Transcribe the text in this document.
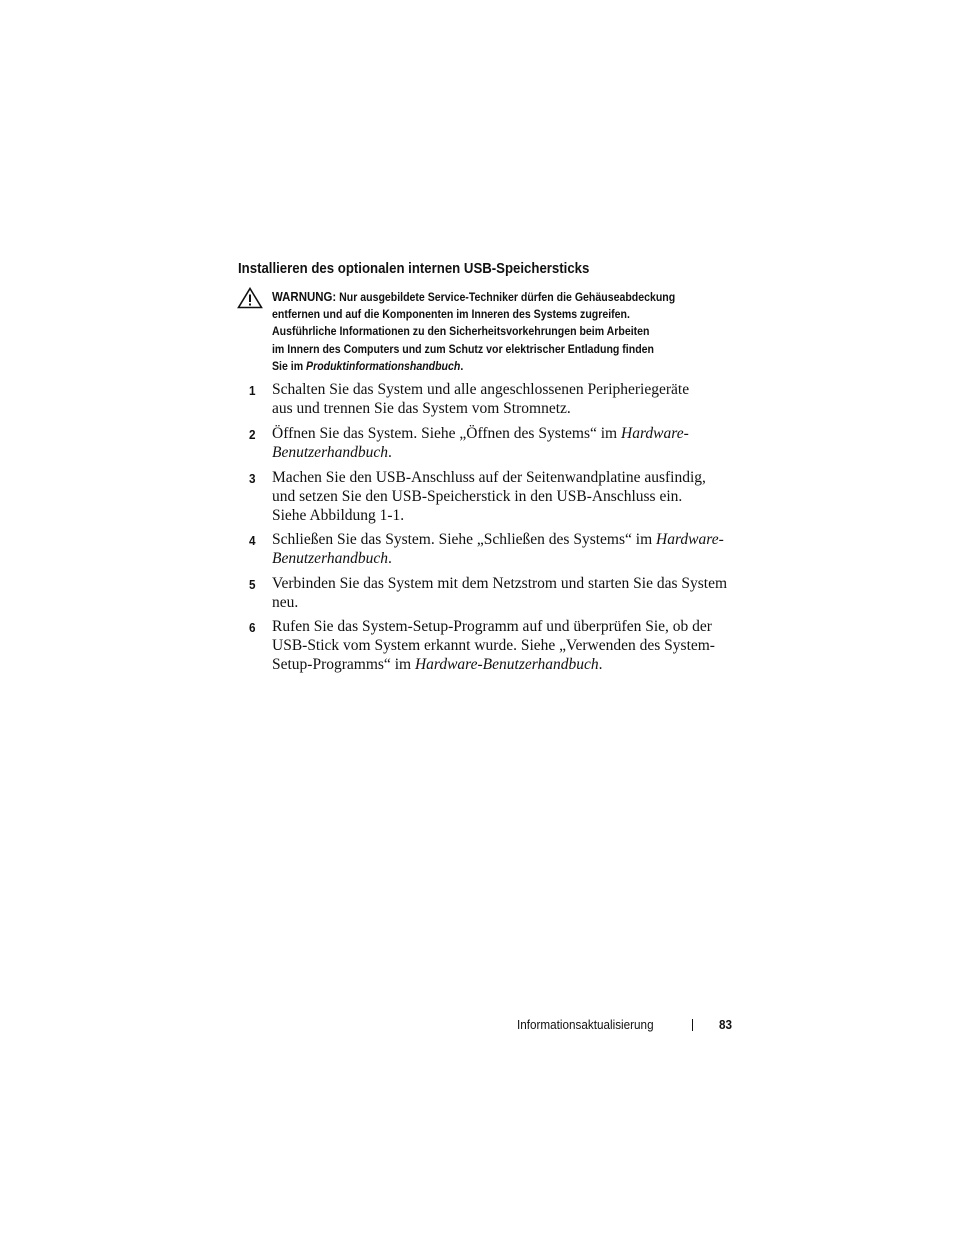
Installieren des optionalen internen USB-Speichersticks
WARNUNG: Nur ausgebildete Service-Techniker dürfen die Gehäuseabdeckung
entfernen und auf die Komponenten im Inneren des Systems zugreifen.
Ausführliche Informationen zu den Sicherheitsvorkehrungen beim Arbeiten
im Innern des Computers und zum Schutz vor elektrischer Entladung finden
Sie im Produktinformationshandbuch.
1 Schalten Sie das System und alle angeschlossenen Peripheriegeräte
aus und trennen Sie das System vom Stromnetz.
2 Öffnen Sie das System. Siehe „Öffnen des Systems“ im Hardware-
Benutzerhandbuch.
3 Machen Sie den USB-Anschluss auf der Seitenwandplatine ausfindig,
und setzen Sie den USB-Speicherstick in den USB-Anschluss ein.
Siehe Abbildung 1-1.
4 Schließen Sie das System. Siehe „Schließen des Systems“ im Hardware-
Benutzerhandbuch.
5 Verbinden Sie das System mit dem Netzstrom und starten Sie das System
neu.
6 Rufen Sie das System-Setup-Programm auf und überprüfen Sie, ob der
USB-Stick vom System erkannt wurde. Siehe „Verwenden des System-
Setup-Programms“ im Hardware-Benutzerhandbuch.
Informationsaktualisierung	83
